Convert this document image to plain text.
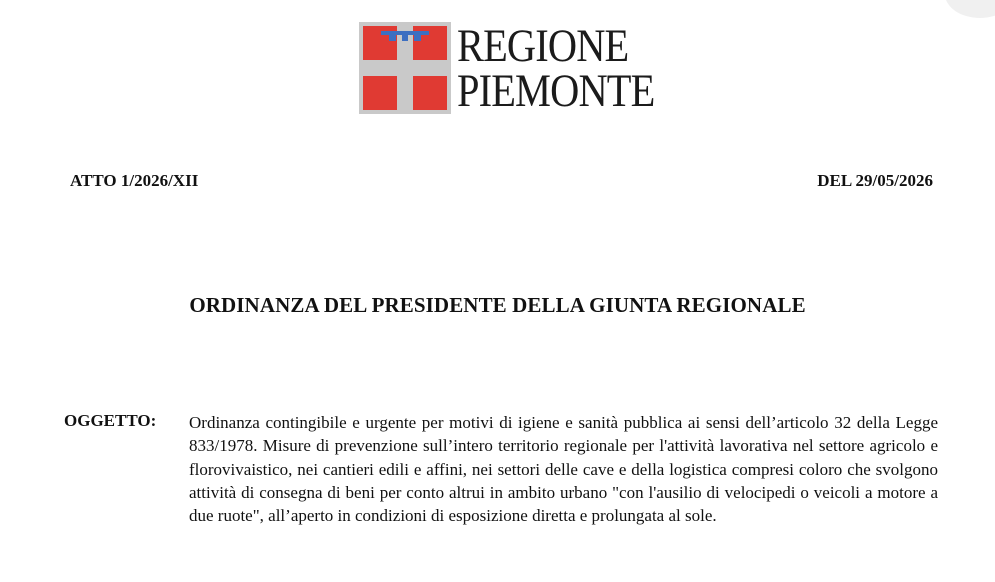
REGIONE
PIEMONTE
ATTO 1/2026/XII	DEL 29/05/2026
ORDINANZA DEL PRESIDENTE DELLA GIUNTA REGIONALE
OGGETTO: Ordinanza contingibile e urgente per motivi di igiene e sanità pubblica ai sensi dell’articolo 32 della Legge 833/1978. Misure di prevenzione sull’intero territorio regionale per l'attività lavorativa nel settore agricolo e florovivaistico, nei cantieri edili e affini, nei settori delle cave e della logistica compresi coloro che svolgono attività di consegna di beni per conto altrui in ambito urbano "con l'ausilio di velocipedi o veicoli a motore a due ruote", all’aperto in condizioni di esposizione diretta e prolungata al sole.
